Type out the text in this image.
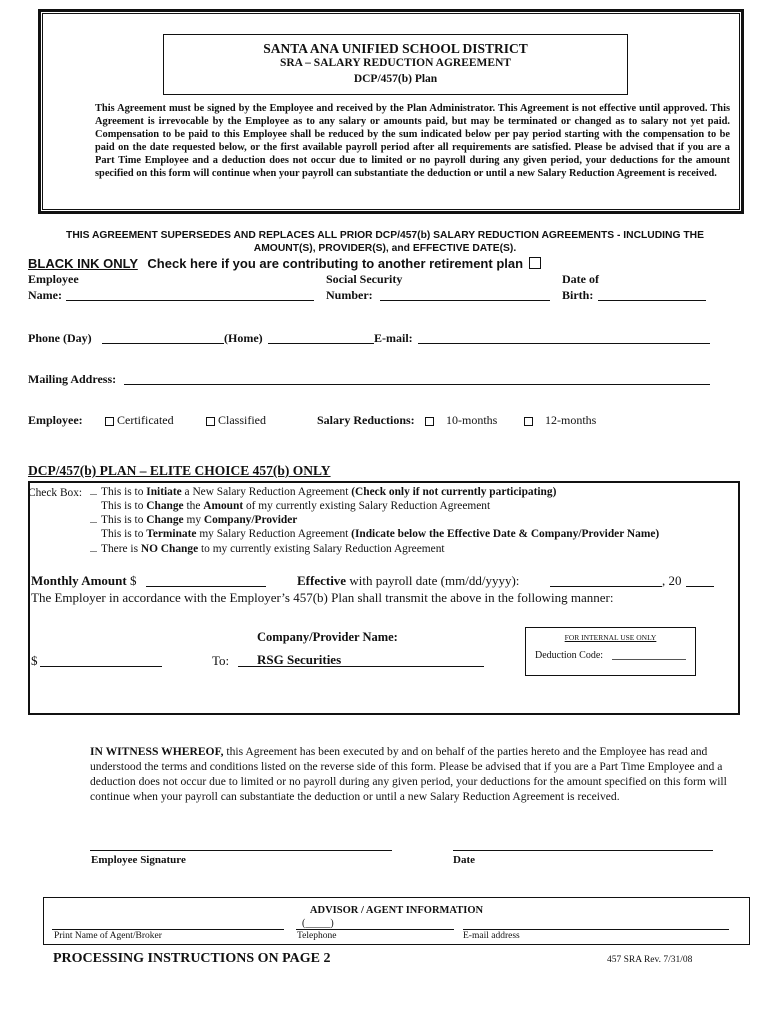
SANTA ANA UNIFIED SCHOOL DISTRICT
SRA – SALARY REDUCTION AGREEMENT
DCP/457(b) Plan
This Agreement must be signed by the Employee and received by the Plan Administrator. This Agreement is not effective until approved. This Agreement is irrevocable by the Employee as to any salary or amounts paid, but may be terminated or changed as to salary not yet paid. Compensation to be paid to this Employee shall be reduced by the sum indicated below per pay period starting with the compensation to be paid on the date requested below, or the first available payroll period after all requirements are satisfied. Please be advised that if you are a Part Time Employee and a deduction does not occur due to limited or no payroll during any given period, your deductions for the amount specified on this form will continue when your payroll can substantiate the deduction or until a new Salary Reduction Agreement is received.
THIS AGREEMENT SUPERSEDES AND REPLACES ALL PRIOR DCP/457(b) SALARY REDUCTION AGREEMENTS - INCLUDING THE AMOUNT(S), PROVIDER(S), and EFFECTIVE DATE(S).
BLACK INK ONLY Check here if you are contributing to another retirement plan
Employee
Name:
Social Security
Number:
Date of
Birth:
Phone (Day)	(Home)	E-mail:
Mailing Address:
Employee:	Certificated	Classified	Salary Reductions:	10-months	12-months
DCP/457(b) PLAN – ELITE CHOICE 457(b) ONLY
Check Box:	This is to Initiate a New Salary Reduction Agreement (Check only if not currently participating)
This is to Change the Amount of my currently existing Salary Reduction Agreement
This is to Change my Company/Provider
This is to Terminate my Salary Reduction Agreement (Indicate below the Effective Date & Company/Provider Name)
There is NO Change to my currently existing Salary Reduction Agreement
Monthly Amount $	Effective with payroll date (mm/dd/yyyy):	, 20
The Employer in accordance with the Employer’s 457(b) Plan shall transmit the above in the following manner:
Company/Provider Name:
$	To: RSG Securities
FOR INTERNAL USE ONLY
Deduction Code:
IN WITNESS WHEREOF, this Agreement has been executed by and on behalf of the parties hereto and the Employee has read and understood the terms and conditions listed on the reverse side of this form. Please be advised that if you are a Part Time Employee and a deduction does not occur due to limited or no payroll during any given period, your deductions for the amount specified on this form will continue when your payroll can substantiate the deduction or until a new Salary Reduction Agreement is received.
Employee Signature	Date
ADVISOR / AGENT INFORMATION
(_____)
Print Name of Agent/Broker	Telephone	E-mail address
PROCESSING INSTRUCTIONS ON PAGE 2	457 SRA Rev. 7/31/08
